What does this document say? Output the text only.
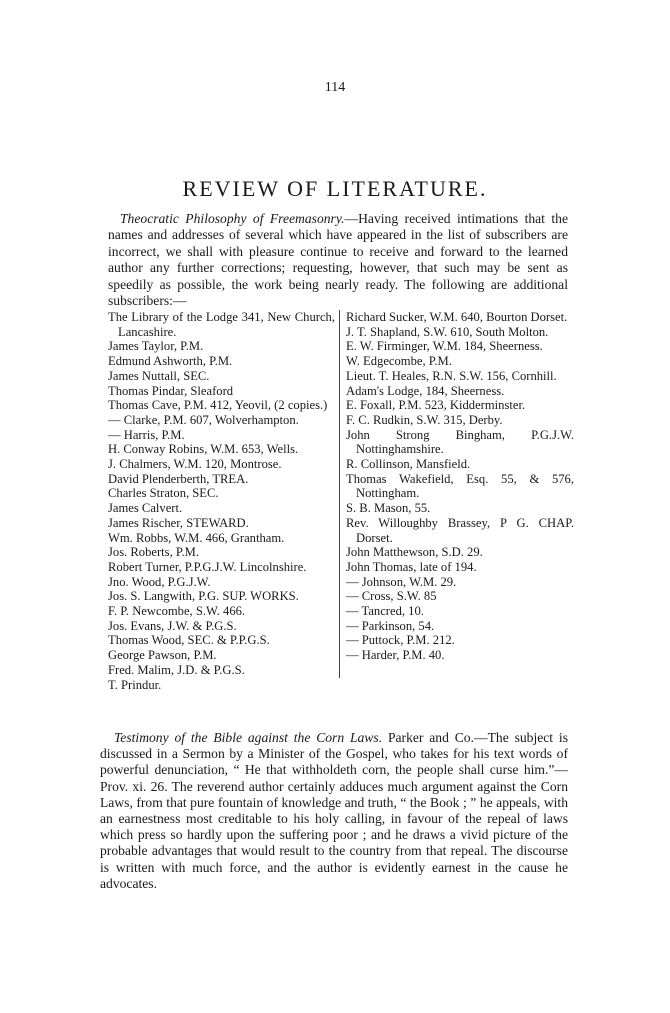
114
REVIEW OF LITERATURE.

Theocratic Philosophy of Freemasonry.—Having received intimations that the names and addresses of several which have appeared in the list of subscribers are incorrect, we shall with pleasure continue to receive and forward to the learned author any further corrections; requesting, however, that such may be sent as speedily as possible, the work being nearly ready. The following are additional subscribers:—

The Library of the Lodge 341, New Church, Lancashire.
James Taylor, P.M.
Edmund Ashworth, P.M.
James Nuttall, SEC.
Thomas Pindar, Sleaford
Thomas Cave, P.M. 412, Yeovil, (2 copies.)
— Clarke, P.M. 607, Wolverhampton.
— Harris, P.M.
H. Conway Robins, W.M. 653, Wells.
J. Chalmers, W.M. 120, Montrose.
David Plenderberth, TREA.
Charles Straton, SEC.
James Calvert.
James Rischer, STEWARD.
Wm. Robbs, W.M. 466, Grantham.
Jos. Roberts, P.M.
Robert Turner, P.P.G.J.W. Lincolnshire.
Jno. Wood, P.G.J.W.
Jos. S. Langwith, P.G. SUP. WORKS.
F. P. Newcombe, S.W. 466.
Jos. Evans, J.W. & P.G.S.
Thomas Wood, SEC. & P.P.G.S.
George Pawson, P.M.
Fred. Malim, J.D. & P.G.S.
T. Prindur.
Richard Sucker, W.M. 640, Bourton Dorset.
J. T. Shapland, S.W. 610, South Molton.
E. W. Firminger, W.M. 184, Sheerness.
W. Edgecombe, P.M.
Lieut. T. Heales, R.N. S.W. 156, Cornhill.
Adam's Lodge, 184, Sheerness.
E. Foxall, P.M. 523, Kidderminster.
F. C. Rudkin, S.W. 315, Derby.
John Strong Bingham, P.G.J.W. Nottinghamshire.
R. Collinson, Mansfield.
Thomas Wakefield, Esq. 55, & 576, Nottingham.
S. B. Mason, 55.
Rev. Willoughby Brassey, P G. CHAP. Dorset.
John Matthewson, S.D. 29.
John Thomas, late of 194.
— Johnson, W.M. 29.
— Cross, S.W. 85
— Tancred, 10.
— Parkinson, 54.
— Puttock, P.M. 212.
— Harder, P.M. 40.

Testimony of the Bible against the Corn Laws. Parker and Co.—The subject is discussed in a Sermon by a Minister of the Gospel, who takes for his text words of powerful denunciation, “ He that withholdeth corn, the people shall curse him.”—Prov. xi. 26. The reverend author certainly adduces much argument against the Corn Laws, from that pure fountain of knowledge and truth, “ the Book ; ” he appeals, with an earnestness most creditable to his holy calling, in favour of the repeal of laws which press so hardly upon the suffering poor ; and he draws a vivid picture of the probable advantages that would result to the country from that repeal. The discourse is written with much force, and the author is evidently earnest in the cause he advocates.
